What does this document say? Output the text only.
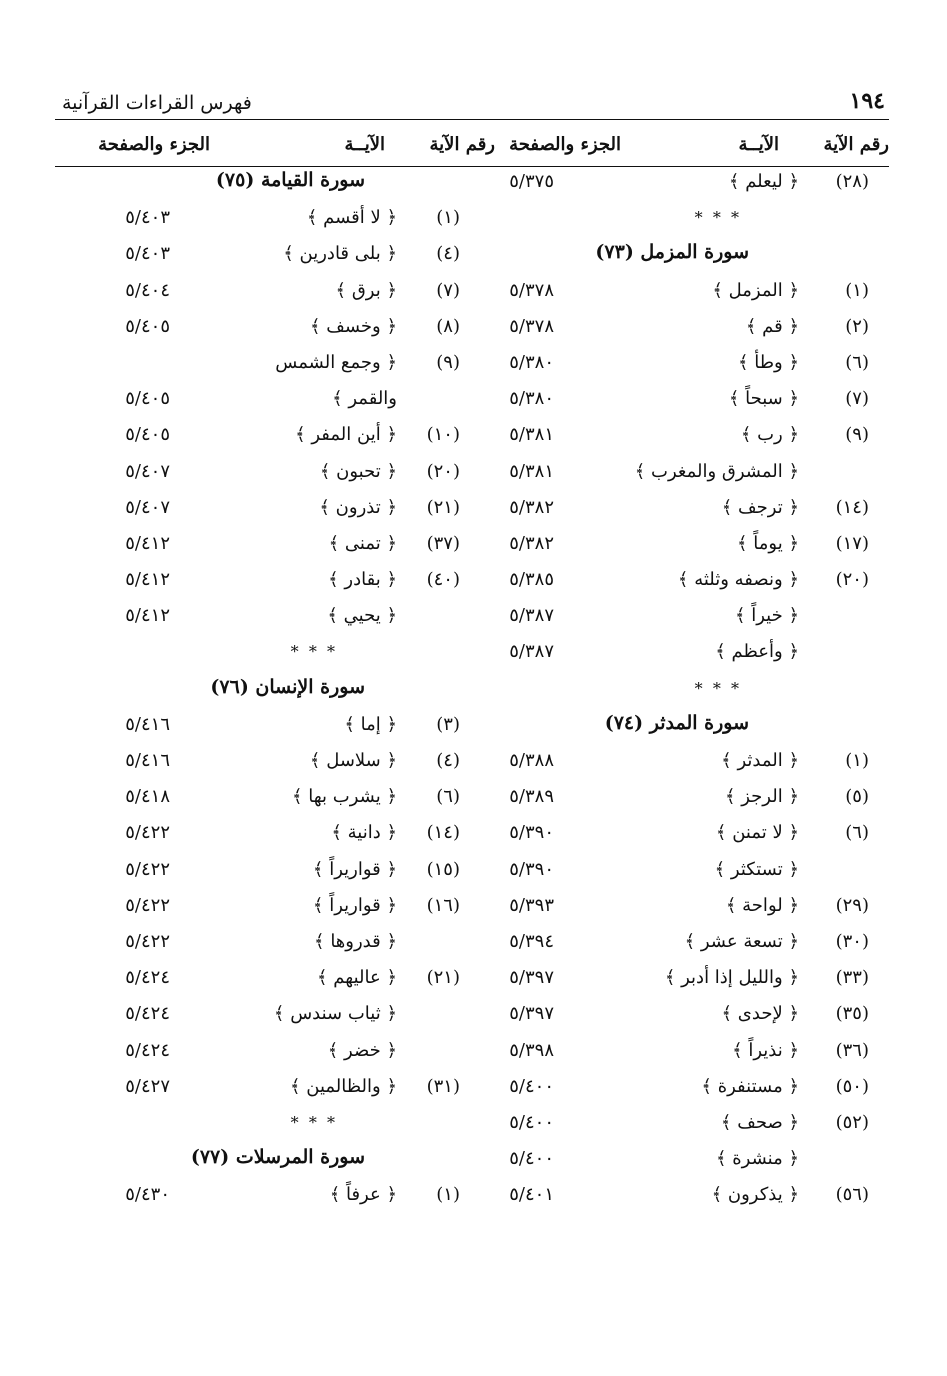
فهرس القراءات القرآنية	١٩٤
رقم الآية
الآيــة
الجزء والصفحة
(٢٨)
﴿ ليعلم ﴾
٥/٣٧٥
*  *  *
سورة المزمل (٧٣)
(١)
﴿ المزمل ﴾
٥/٣٧٨
(٢)
﴿ قم ﴾
٥/٣٧٨
(٦)
﴿ وطأ ﴾
٥/٣٨٠
(٧)
﴿ سبحاً ﴾
٥/٣٨٠
(٩)
﴿ رب ﴾
٥/٣٨١
﴿ المشرق والمغرب ﴾
٥/٣٨١
(١٤)
﴿ ترجف ﴾
٥/٣٨٢
(١٧)
﴿ يوماً ﴾
٥/٣٨٢
(٢٠)
﴿ ونصفه وثلثه ﴾
٥/٣٨٥
﴿ خيراً ﴾
٥/٣٨٧
﴿ وأعظم ﴾
٥/٣٨٧
*  *  *
سورة المدثر (٧٤)
(١)
﴿ المدثر ﴾
٥/٣٨٨
(٥)
﴿ الرجز ﴾
٥/٣٨٩
(٦)
﴿ لا تمنن ﴾
٥/٣٩٠
﴿ تستكثر ﴾
٥/٣٩٠
(٢٩)
﴿ لواحة ﴾
٥/٣٩٣
(٣٠)
﴿ تسعة عشر ﴾
٥/٣٩٤
(٣٣)
﴿ والليل إذا أدبر ﴾
٥/٣٩٧
(٣٥)
﴿ لإحدى ﴾
٥/٣٩٧
(٣٦)
﴿ نذيراً ﴾
٥/٣٩٨
(٥٠)
﴿ مستنفرة ﴾
٥/٤٠٠
(٥٢)
﴿ صحف ﴾
٥/٤٠٠
﴿ منشرة ﴾
٥/٤٠٠
(٥٦)
﴿ يذكرون ﴾
٥/٤٠١
رقم الآية
الآيــة
الجزء والصفحة
سورة القيامة (٧٥)
(١)
﴿ لا أقسم ﴾
٥/٤٠٣
(٤)
﴿ بلى قادرين ﴾
٥/٤٠٣
(٧)
﴿ برق ﴾
٥/٤٠٤
(٨)
﴿ وخسف ﴾
٥/٤٠٥
(٩)
﴿ وجمع الشمس
والقمر ﴾
٥/٤٠٥
(١٠)
﴿ أين المفر ﴾
٥/٤٠٥
(٢٠)
﴿ تحبون ﴾
٥/٤٠٧
(٢١)
﴿ تذرون ﴾
٥/٤٠٧
(٣٧)
﴿ تمنى ﴾
٥/٤١٢
(٤٠)
﴿ بقادر ﴾
٥/٤١٢
﴿ يحيي ﴾
٥/٤١٢
*  *  *
سورة الإنسان (٧٦)
(٣)
﴿ إما ﴾
٥/٤١٦
(٤)
﴿ سلاسل ﴾
٥/٤١٦
(٦)
﴿ يشرب بها ﴾
٥/٤١٨
(١٤)
﴿ دانية ﴾
٥/٤٢٢
(١٥)
﴿ قواريراً ﴾
٥/٤٢٢
(١٦)
﴿ قواريراً ﴾
٥/٤٢٢
﴿ قدروها ﴾
٥/٤٢٢
(٢١)
﴿ عاليهم ﴾
٥/٤٢٤
﴿ ثياب سندس ﴾
٥/٤٢٤
﴿ خضر ﴾
٥/٤٢٤
(٣١)
﴿ والظالمين ﴾
٥/٤٢٧
*  *  *
سورة المرسلات (٧٧)
(١)
﴿ عرفاً ﴾
٥/٤٣٠
